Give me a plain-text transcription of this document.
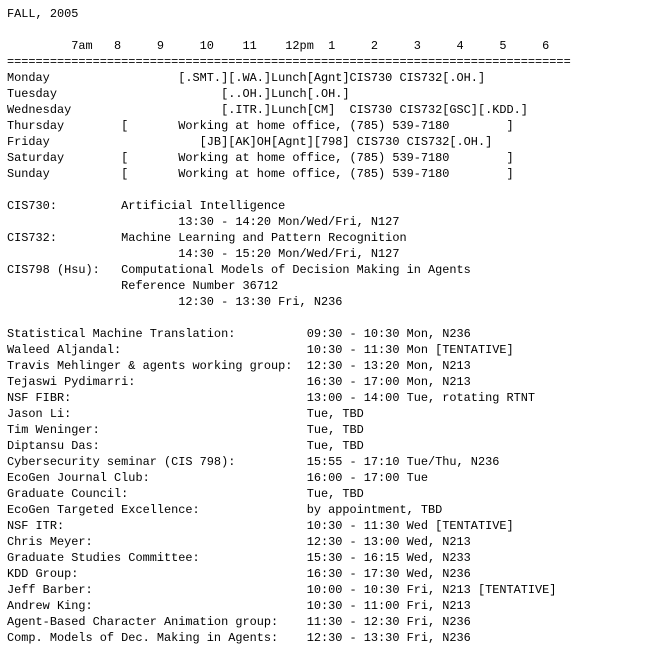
FALL, 2005
7am   8     9     10    11    12pm  1     2     3     4     5     6
===============================================================================
Monday                  [.SMT.][.WA.]Lunch[Agnt]CIS730 CIS732[.OH.]
Tuesday                       [..OH.]Lunch[.OH.]
Wednesday                     [.ITR.]Lunch[CM]  CIS730 CIS732[GSC][.KDD.]
Thursday        [       Working at home office, (785) 539-7180        ]
Friday                     [JB][AK]OH[Agnt][798] CIS730 CIS732[.OH.]
Saturday        [       Working at home office, (785) 539-7180        ]
Sunday          [       Working at home office, (785) 539-7180        ]
CIS730:         Artificial Intelligence
13:30 - 14:20 Mon/Wed/Fri, N127
CIS732:         Machine Learning and Pattern Recognition
14:30 - 15:20 Mon/Wed/Fri, N127
CIS798 (Hsu):   Computational Models of Decision Making in Agents
Reference Number 36712
12:30 - 13:30 Fri, N236
Statistical Machine Translation:          09:30 - 10:30 Mon, N236
Waleed Aljandal:                          10:30 - 11:30 Mon [TENTATIVE]
Travis Mehlinger & agents working group:  12:30 - 13:20 Mon, N213
Tejaswi Pydimarri:                        16:30 - 17:00 Mon, N213
NSF FIBR:                                 13:00 - 14:00 Tue, rotating RTNT
Jason Li:                                 Tue, TBD
Tim Weninger:                             Tue, TBD
Diptansu Das:                             Tue, TBD
Cybersecurity seminar (CIS 798):          15:55 - 17:10 Tue/Thu, N236
EcoGen Journal Club:                      16:00 - 17:00 Tue
Graduate Council:                         Tue, TBD
EcoGen Targeted Excellence:               by appointment, TBD
NSF ITR:                                  10:30 - 11:30 Wed [TENTATIVE]
Chris Meyer:                              12:30 - 13:00 Wed, N213
Graduate Studies Committee:               15:30 - 16:15 Wed, N233
KDD Group:                                16:30 - 17:30 Wed, N236
Jeff Barber:                              10:00 - 10:30 Fri, N213 [TENTATIVE]
Andrew King:                              10:30 - 11:00 Fri, N213
Agent-Based Character Animation group:    11:30 - 12:30 Fri, N236
Comp. Models of Dec. Making in Agents:    12:30 - 13:30 Fri, N236
